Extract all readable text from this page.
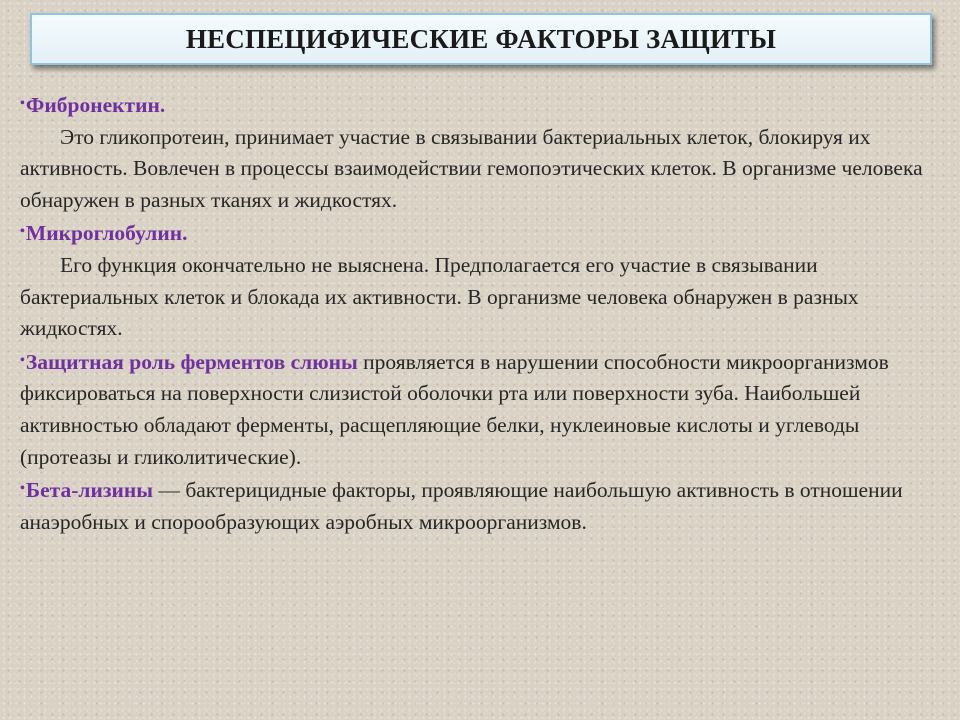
НЕСПЕЦИФИЧЕСКИЕ ФАКТОРЫ ЗАЩИТЫ

•Фибронектин.

Это гликопротеин, принимает участие в связывании бактериальных клеток, блокируя их активность. Вовлечен в процессы взаимодействии гемопоэтических клеток. В организме человека обнаружен в разных тканях и жидкостях.

•Микроглобулин.

Его функция окончательно не выяснена. Предполагается его участие в связывании бактериальных клеток и блокада их активности. В организме человека обнаружен в разных жидкостях.

•Защитная роль ферментов слюны проявляется в нарушении способности микроорганизмов фиксироваться на поверхности слизистой оболочки рта или поверхности зуба. Наибольшей активностью обладают ферменты, расщепляющие белки, нуклеиновые кислоты и углеводы (протеазы и гликолитические).

•Бета-лизины — бактерицидные факторы, проявляющие наибольшую активность в отношении анаэробных и спорообразующих аэробных микроорганизмов.
